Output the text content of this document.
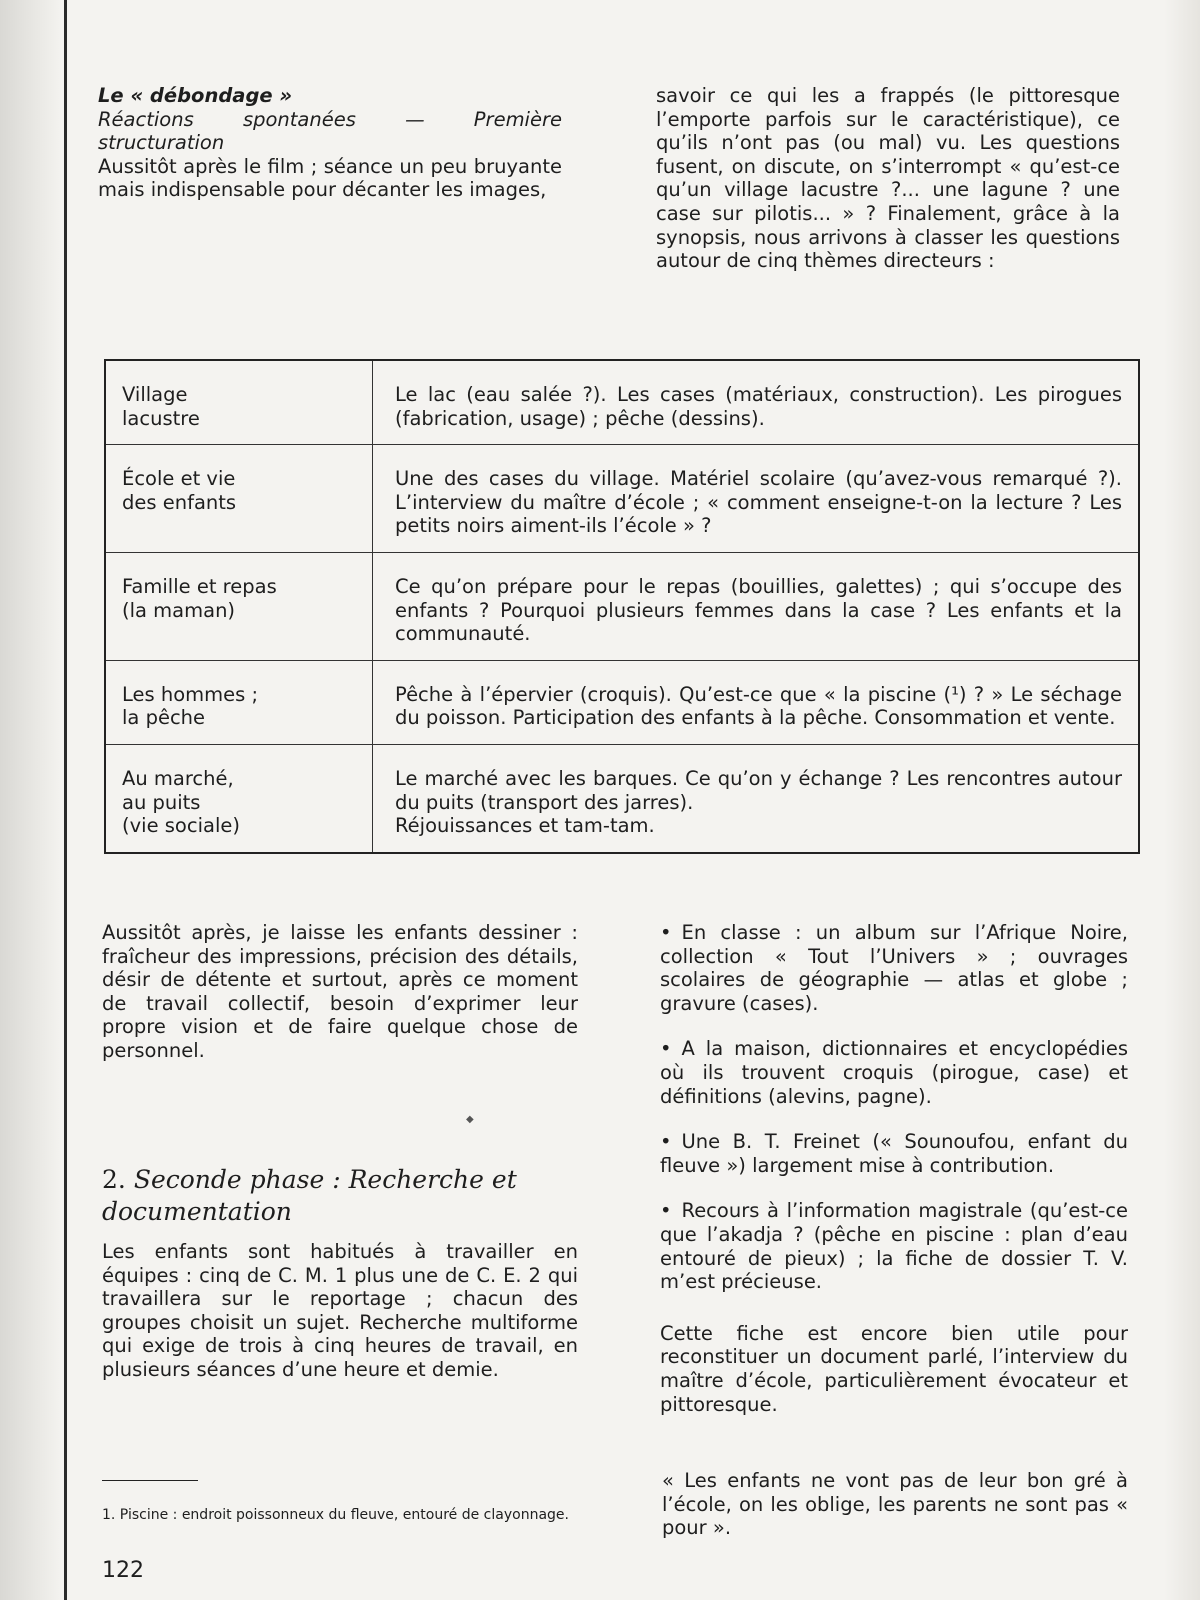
Le « débondage »

Réactions spontanées — Première structuration

Aussitôt après le film ; séance un peu bruyante mais indispensable pour décanter les images,

savoir ce qui les a frappés (le pittoresque l’emporte parfois sur le caractéristique), ce qu’ils n’ont pas (ou mal) vu. Les questions fusent, on discute, on s’interrompt « qu’est-ce qu’un village lacustre ?... une lagune ? une case sur pilotis... » ? Finalement, grâce à la synopsis, nous arrivons à classer les questions autour de cinq thèmes directeurs :

Village
lacustre	Le lac (eau salée ?). Les cases (matériaux, construction). Les pirogues (fabrication, usage) ; pêche (dessins).

École et vie
des enfants	Une des cases du village. Matériel scolaire (qu’avez-vous remarqué ?). L’interview du maître d’école ; « comment enseigne-t-on la lecture ? Les petits noirs aiment-ils l’école » ?

Famille et repas
(la maman)	Ce qu’on prépare pour le repas (bouillies, galettes) ; qui s’occupe des enfants ? Pourquoi plusieurs femmes dans la case ? Les enfants et la communauté.

Les hommes ;
la pêche	Pêche à l’épervier (croquis). Qu’est-ce que « la piscine (¹) ? » Le séchage du poisson. Participation des enfants à la pêche. Consommation et vente.

Au marché,
au puits
(vie sociale)	Le marché avec les barques. Ce qu’on y échange ? Les rencontres autour du puits (transport des jarres).
Réjouissances et tam-tam.

Aussitôt après, je laisse les enfants dessiner : fraîcheur des impressions, précision des détails, désir de détente et surtout, après ce moment de travail collectif, besoin d’exprimer leur propre vision et de faire quelque chose de personnel.

2. Seconde phase : Recherche et documentation

Les enfants sont habitués à travailler en équipes : cinq de C. M. 1 plus une de C. E. 2 qui travaillera sur le reportage ; chacun des groupes choisit un sujet. Recherche multiforme qui exige de trois à cinq heures de travail, en plusieurs séances d’une heure et demie.

◆

• En classe : un album sur l’Afrique Noire, collection « Tout l’Univers » ; ouvrages scolaires de géographie — atlas et globe ; gravure (cases).

• A la maison, dictionnaires et encyclopédies où ils trouvent croquis (pirogue, case) et définitions (alevins, pagne).

• Une B. T. Freinet (« Sounoufou, enfant du fleuve ») largement mise à contribution.

• Recours à l’information magistrale (qu’est-ce que l’akadja ? (pêche en piscine : plan d’eau entouré de pieux) ; la fiche de dossier T. V. m’est précieuse.

Cette fiche est encore bien utile pour reconstituer un document parlé, l’interview du maître d’école, particulièrement évocateur et pittoresque.

« Les enfants ne vont pas de leur bon gré à l’école, on les oblige, les parents ne sont pas « pour ».

1. Piscine : endroit poissonneux du fleuve, entouré de clayonnage.
122
